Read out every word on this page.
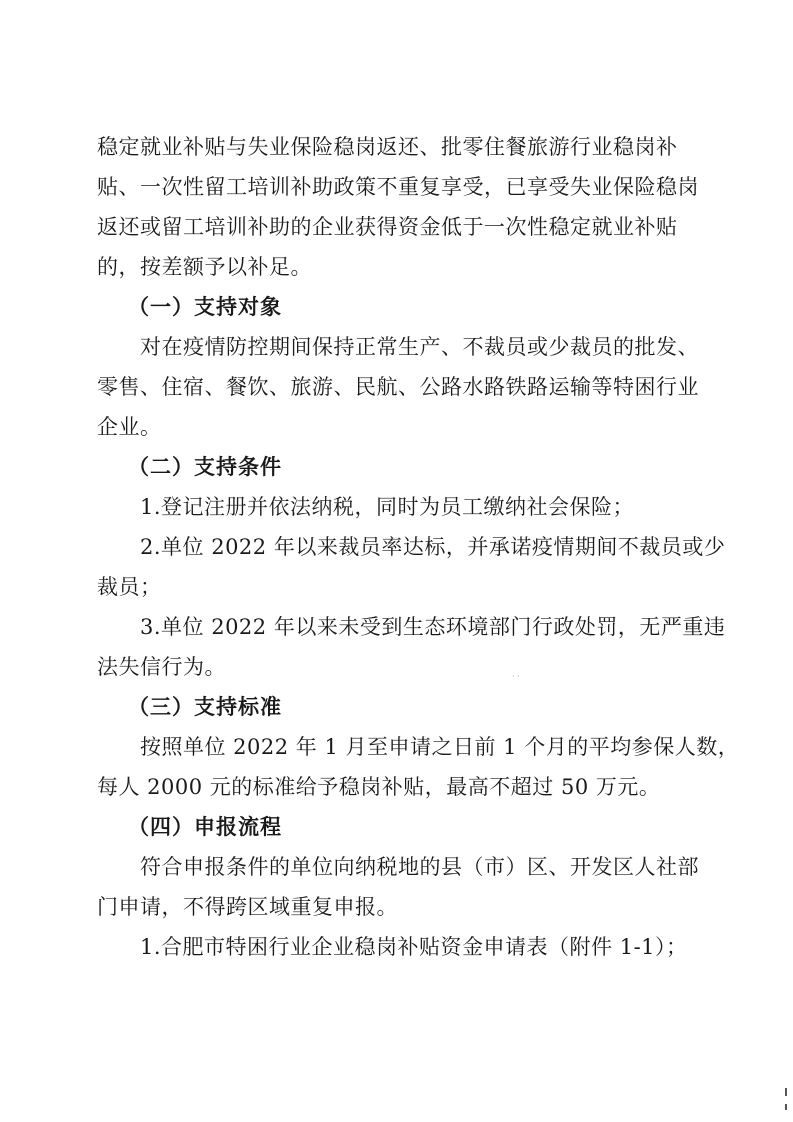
稳定就业补贴与失业保险稳岗返还、批零住餐旅游行业稳岗补
贴、一次性留工培训补助政策不重复享受，已享受失业保险稳岗
返还或留工培训补助的企业获得资金低于一次性稳定就业补贴
的，按差额予以补足。
（一）支持对象
对在疫情防控期间保持正常生产、不裁员或少裁员的批发、
零售、住宿、餐饮、旅游、民航、公路水路铁路运输等特困行业
企业。
（二）支持条件
1.登记注册并依法纳税，同时为员工缴纳社会保险；
2.单位 2022 年以来裁员率达标，并承诺疫情期间不裁员或少
裁员；
3.单位 2022 年以来未受到生态环境部门行政处罚，无严重违
法失信行为。
（三）支持标准
按照单位 2022 年 1 月至申请之日前 1 个月的平均参保人数，
每人 2000 元的标准给予稳岗补贴，最高不超过 50 万元。
（四）申报流程
符合申报条件的单位向纳税地的县（市）区、开发区人社部
门申请，不得跨区域重复申报。
1.合肥市特困行业企业稳岗补贴资金申请表（附件 1-1）；
· ·
